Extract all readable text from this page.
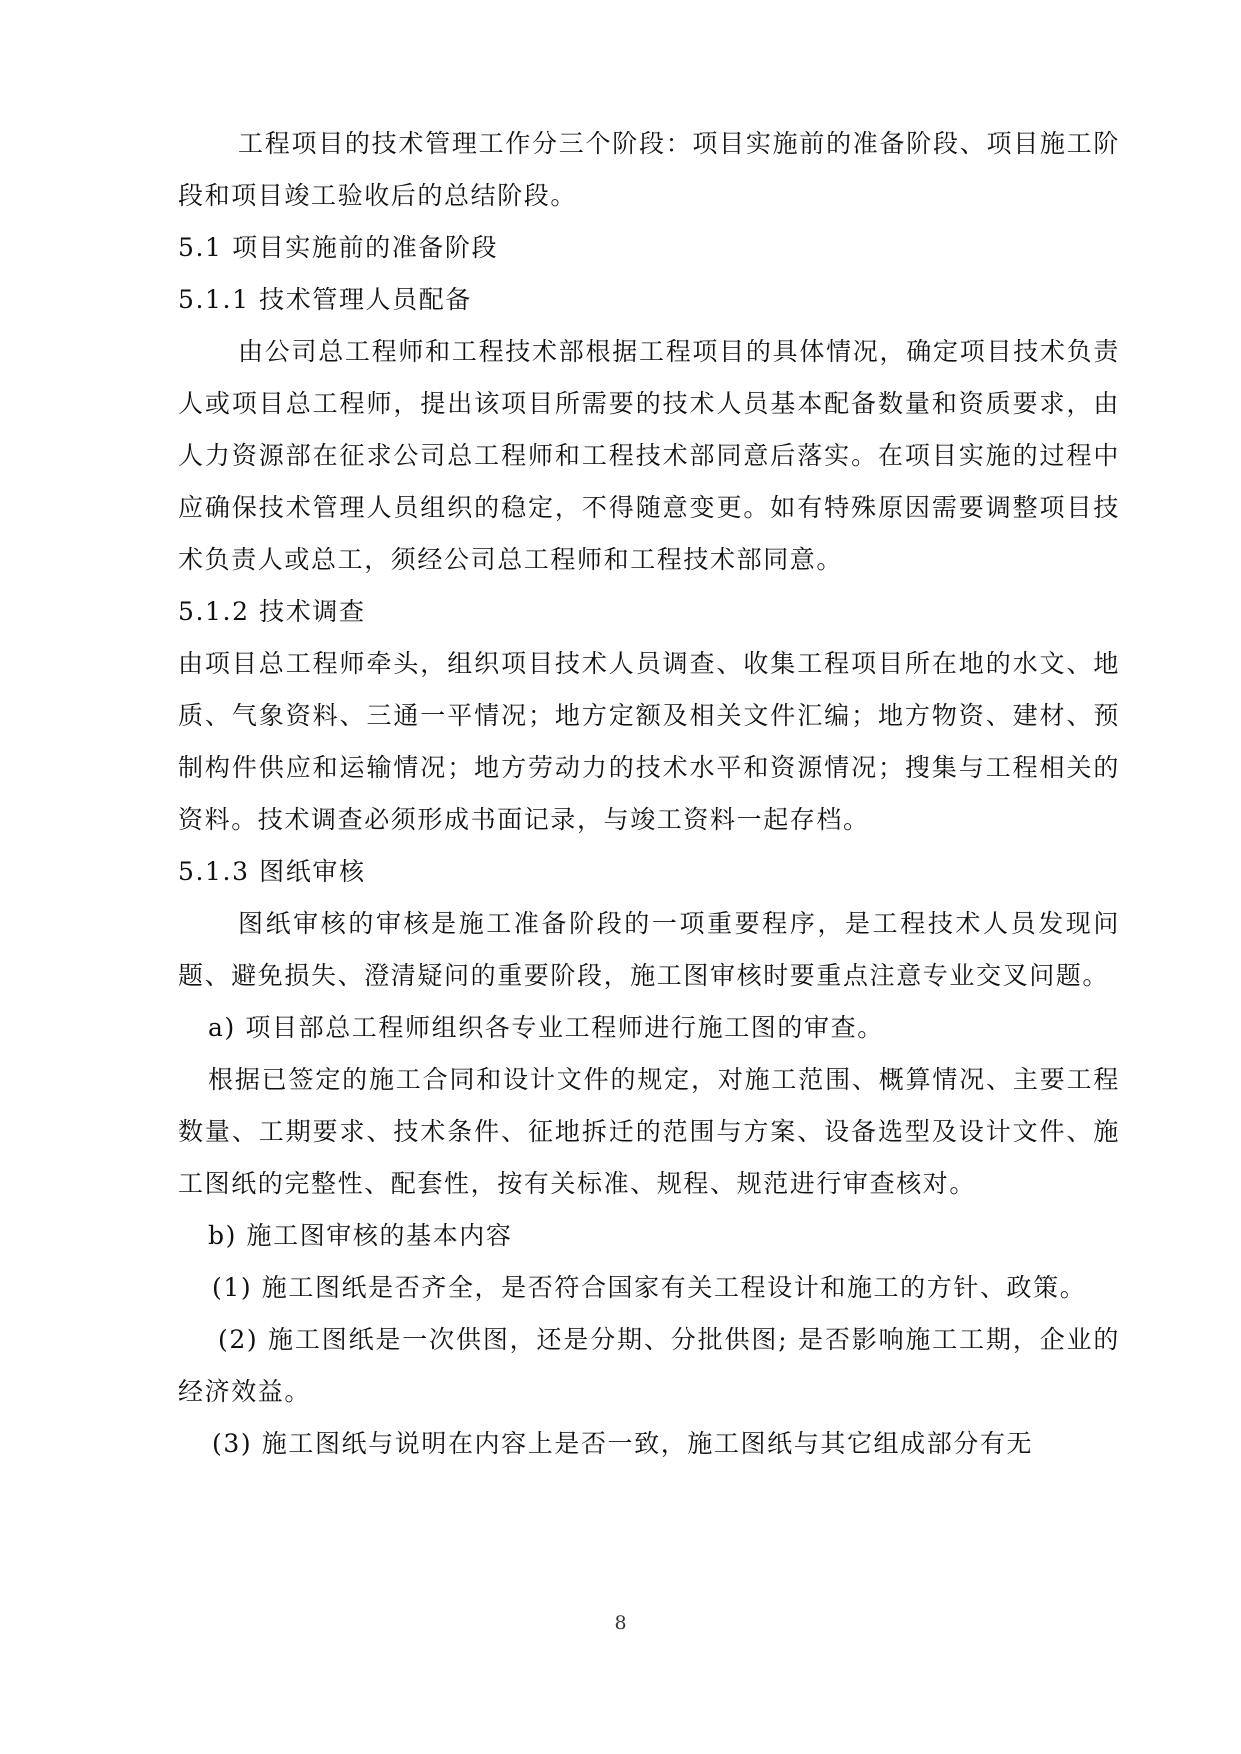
工程项目的技术管理工作分三个阶段：项目实施前的准备阶段、项目施工阶段和项目竣工验收后的总结阶段。

5.1 项目实施前的准备阶段

5.1.1 技术管理人员配备

由公司总工程师和工程技术部根据工程项目的具体情况，确定项目技术负责人或项目总工程师，提出该项目所需要的技术人员基本配备数量和资质要求，由人力资源部在征求公司总工程师和工程技术部同意后落实。在项目实施的过程中应确保技术管理人员组织的稳定，不得随意变更。如有特殊原因需要调整项目技术负责人或总工，须经公司总工程师和工程技术部同意。

5.1.2 技术调查

由项目总工程师牵头，组织项目技术人员调查、收集工程项目所在地的水文、地质、气象资料、三通一平情况；地方定额及相关文件汇编；地方物资、建材、预制构件供应和运输情况；地方劳动力的技术水平和资源情况；搜集与工程相关的 资料。技术调查必须形成书面记录，与竣工资料一起存档。

5.1.3 图纸审核

图纸审核的审核是施工准备阶段的一项重要程序，是工程技术人员发现问题、避免损失、澄清疑问的重要阶段，施工图审核时要重点注意专业交叉问题。

a) 项目部总工程师组织各专业工程师进行施工图的审查。

根据已签定的施工合同和设计文件的规定，对施工范围、概算情况、主要工程数量、工期要求、技术条件、征地拆迁的范围与方案、设备选型及设计文件、施工图纸的完整性、配套性，按有关标准、规程、规范进行审查核对。

b) 施工图审核的基本内容

(1) 施工图纸是否齐全，是否符合国家有关工程设计和施工的方针、政策。

(2) 施工图纸是一次供图，还是分期、分批供图; 是否影响施工工期，企业的经济效益。

(3) 施工图纸与说明在内容上是否一致，施工图纸与其它组成部分有无

8
